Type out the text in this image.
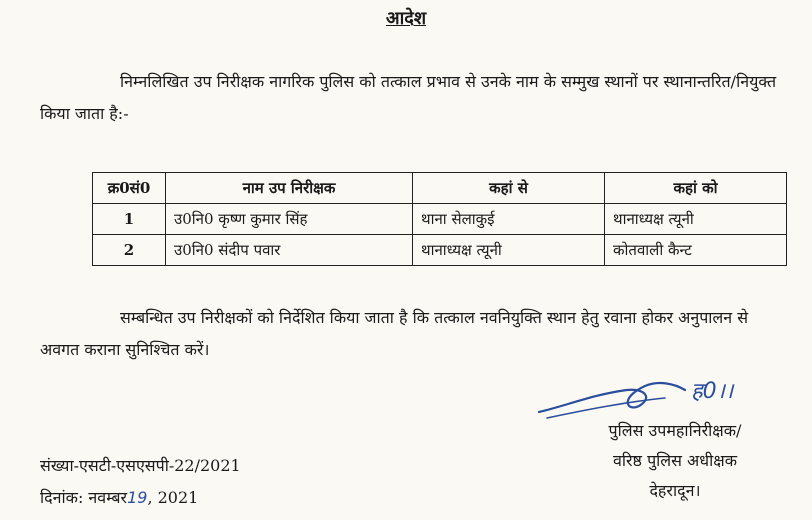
आदेश

निम्नलिखित उप निरीक्षक नागरिक पुलिस को तत्काल प्रभाव से उनके नाम के सम्मुख स्थानों पर स्थानान्तरित/नियुक्त किया जाता है:-

क्र0सं0	नाम उप निरीक्षक	कहां से	कहां को
1	उ0नि0 कृष्ण कुमार सिंह	थाना सेलाकुई	थानाध्यक्ष त्यूनी
2	उ0नि0 संदीप पवार	थानाध्यक्ष त्यूनी	कोतवाली कैन्ट

सम्बन्धित उप निरीक्षकों को निर्देशित किया जाता है कि तत्काल नवनियुक्ति स्थान हेतु रवाना होकर अनुपालन से अवगत कराना सुनिश्चित करें।

ह0।।
पुलिस उपमहानिरीक्षक/
वरिष्ठ पुलिस अधीक्षक
देहरादून।
संख्या-एसटी-एसएसपी-22/2021
दिनांक: नवम्बर19, 2021
